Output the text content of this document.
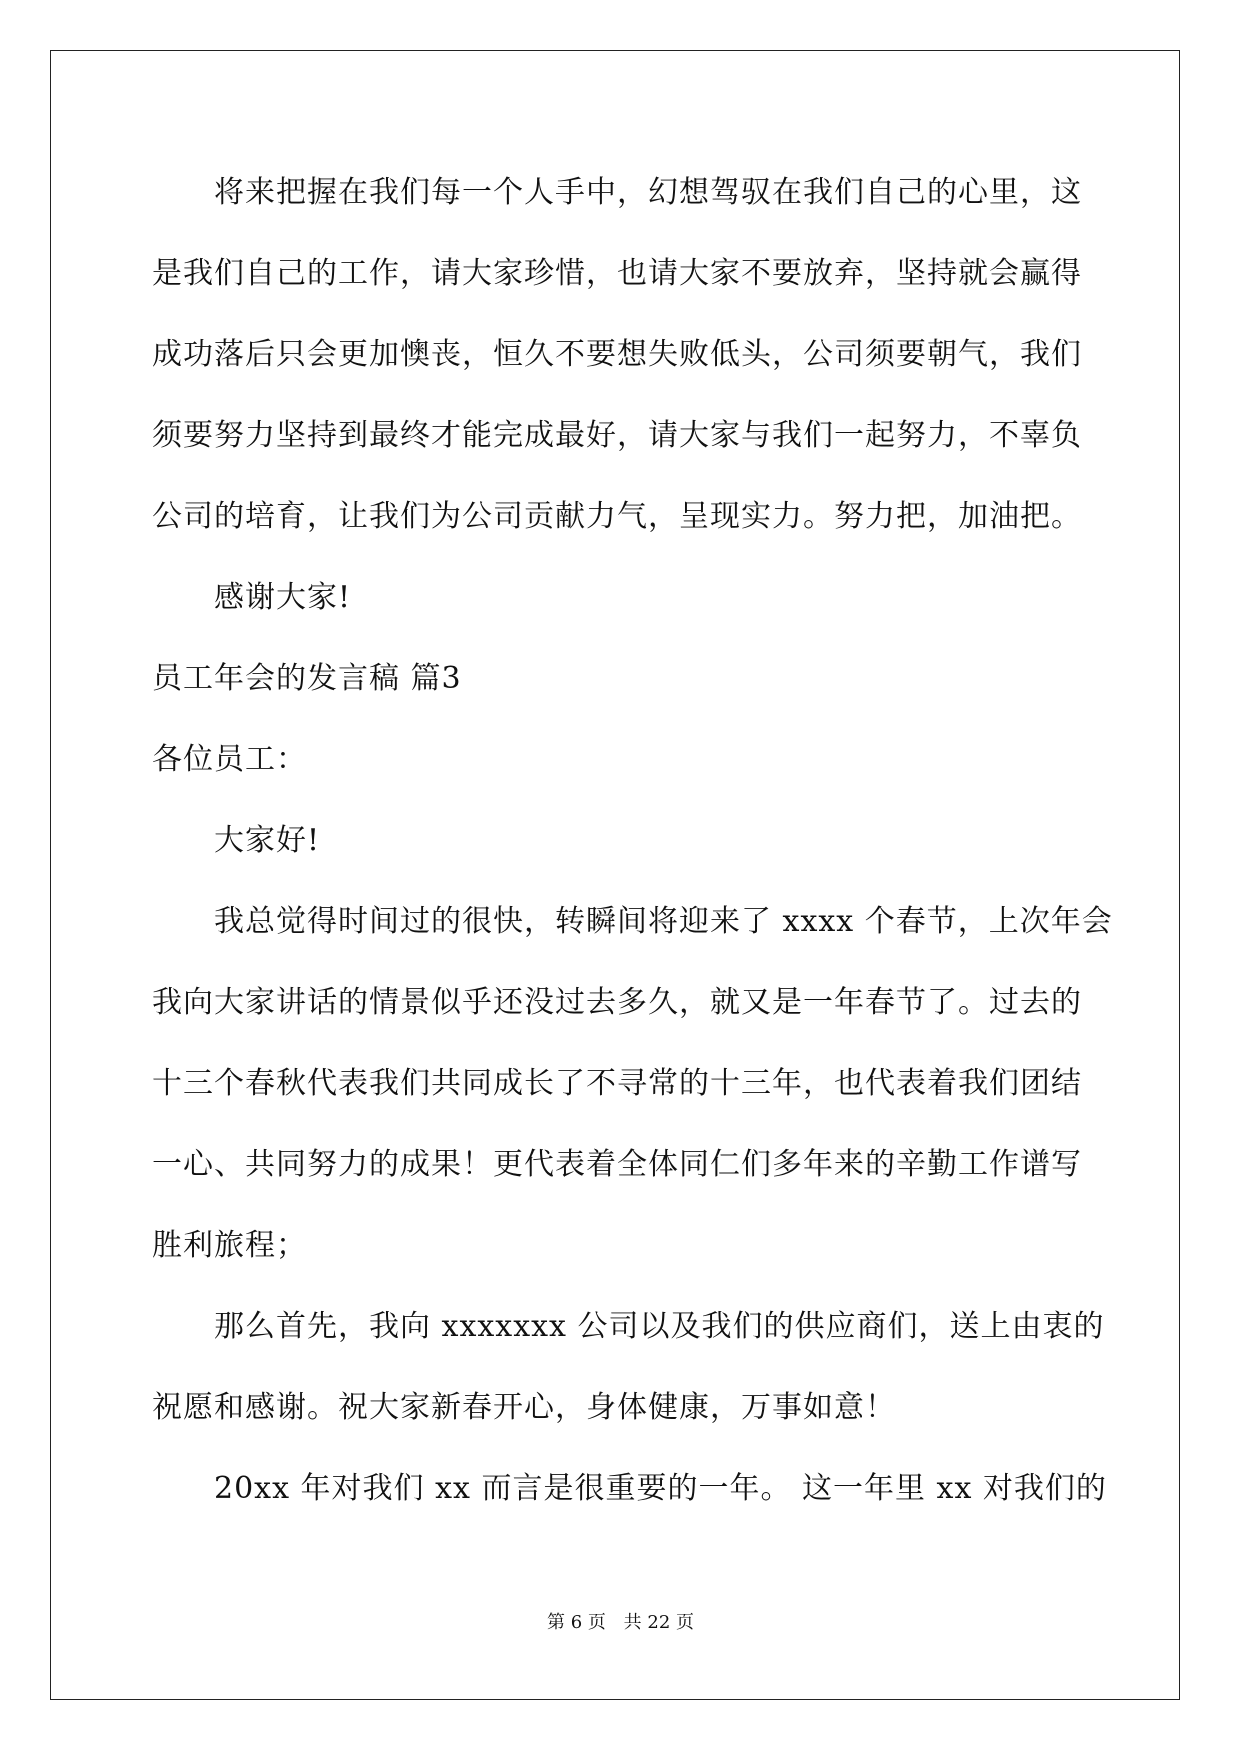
将来把握在我们每一个人手中，幻想驾驭在我们自己的心里，这
是我们自己的工作，请大家珍惜，也请大家不要放弃，坚持就会赢得
成功落后只会更加懊丧，恒久不要想失败低头，公司须要朝气，我们
须要努力坚持到最终才能完成最好，请大家与我们一起努力，不辜负
公司的培育，让我们为公司贡献力气，呈现实力。努力把，加油把。
感谢大家!
员工年会的发言稿 篇3
各位员工：
大家好!
我总觉得时间过的很快，转瞬间将迎来了 xxxx 个春节，上次年会
我向大家讲话的情景似乎还没过去多久，就又是一年春节了。过去的
十三个春秋代表我们共同成长了不寻常的十三年，也代表着我们团结
一心、共同努力的成果！更代表着全体同仁们多年来的辛勤工作谱写
胜利旅程；
那么首先，我向 xxxxxxx 公司以及我们的供应商们，送上由衷的
祝愿和感谢。祝大家新春开心，身体健康，万事如意！
20xx 年对我们 xx 而言是很重要的一年。 这一年里 xx 对我们的
第 6 页 共 22 页
